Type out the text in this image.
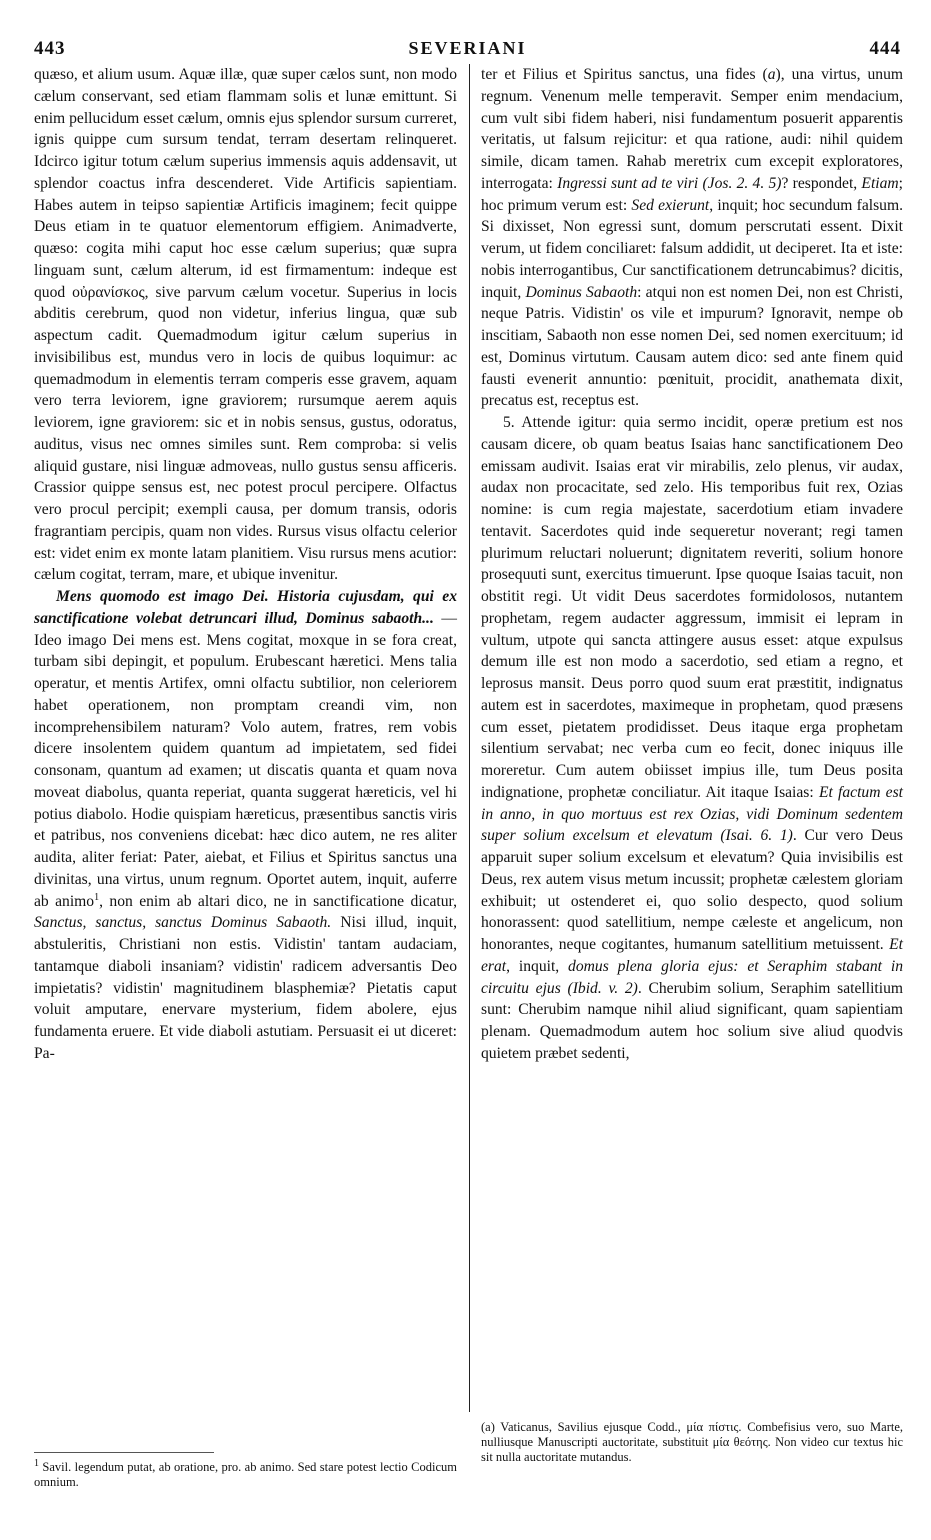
443	SEVERIANI	444

quæso, et alium usum. Aquæ illæ, quæ super cælos sunt, non modo cælum conservant, sed etiam flammam solis et lunæ emittunt. Si enim pellucidum esset cælum, omnis ejus splendor sursum curreret, ignis quippe cum sursum tendat, terram desertam relinqueret. Idcirco igitur totum cælum superius immensis aquis addensavit, ut splendor coactus infra descenderet. Vide Artificis sapientiam. Habes autem in teipso sapientiæ Artificis imaginem; fecit quippe Deus etiam in te quatuor elementorum effigiem. Animadverte, quæso: cogita mihi caput hoc esse cælum superius; quæ supra linguam sunt, cælum alterum, id est firmamentum: indeque est quod οὐρανίσκος, sive parvum cælum vocetur. Superius in locis abditis cerebrum, quod non videtur, inferius lingua, quæ sub aspectum cadit. Quemadmodum igitur cælum superius in invisibilibus est, mundus vero in locis de quibus loquimur: ac quemadmodum in elementis terram comperis esse gravem, aquam vero terra leviorem, igne graviorem; rursumque aerem aquis leviorem, igne graviorem: sic et in nobis sensus, gustus, odoratus, auditus, visus nec omnes similes sunt. Rem comproba: si velis aliquid gustare, nisi linguæ admoveas, nullo gustus sensu afficeris. Crassior quippe sensus est, nec potest procul percipere. Olfactus vero procul percipit; exempli causa, per domum transis, odoris fragrantiam percipis, quam non vides. Rursus visus olfactu celerior est: videt enim ex monte latam planitiem. Visu rursus mens acutior: cælum cogitat, terram, mare, et ubique invenitur.

Mens quomodo est imago Dei. Historia cujusdam, qui ex sanctificatione volebat detruncari illud, Dominus sabaoth... — Ideo imago Dei mens est. Mens cogitat, moxque in se fora creat, turbam sibi depingit, et populum. Erubescant hæretici. Mens talia operatur, et mentis Artifex, omni olfactu subtilior, non celeriorem habet operationem, non promptam creandi vim, non incomprehensibilem naturam? Volo autem, fratres, rem vobis dicere insolentem quidem quantum ad impietatem, sed fidei consonam, quantum ad examen; ut discatis quanta et quam nova moveat diabolus, quanta reperiat, quanta suggerat hæreticis, vel hi potius diabolo. Hodie quispiam hæreticus, præsentibus sanctis viris et patribus, nos conveniens dicebat: hæc dico autem, ne res aliter audita, aliter feriat: Pater, aiebat, et Filius et Spiritus sanctus una divinitas, una virtus, unum regnum. Oportet autem, inquit, auferre ab animo$^1$, non enim ab altari dico, ne in sanctificatione dicatur, Sanctus, sanctus, sanctus Dominus Sabaoth. Nisi illud, inquit, abstuleritis, Christiani non estis. Vidistin' tantam audaciam, tantamque diaboli insaniam? vidistin' radicem adversantis Deo impietatis? vidistin' magnitudinem blasphemiæ? Pietatis caput voluit amputare, enervare mysterium, fidem abolere, ejus fundamenta eruere. Et vide diaboli astutiam. Persuasit ei ut diceret: Pa-

ter et Filius et Spiritus sanctus, una fides (a), una virtus, unum regnum. Venenum melle temperavit. Semper enim mendacium, cum vult sibi fidem haberi, nisi fundamentum posuerit apparentis veritatis, ut falsum rejicitur: et qua ratione, audi: nihil quidem simile, dicam tamen. Rahab meretrix cum excepit exploratores, interrogata: Ingressi sunt ad te viri (Jos. 2. 4. 5)? respondet, Etiam; hoc primum verum est: Sed exierunt, inquit; hoc secundum falsum. Si dixisset, Non egressi sunt, domum perscrutati essent. Dixit verum, ut fidem conciliaret: falsum addidit, ut deciperet. Ita et iste: nobis interrogantibus, Cur sanctificationem detruncabimus? dicitis, inquit, Dominus Sabaoth: atqui non est nomen Dei, non est Christi, neque Patris. Vidistin' os vile et impurum? Ignoravit, nempe ob inscitiam, Sabaoth non esse nomen Dei, sed nomen exercituum; id est, Dominus virtutum. Causam autem dico: sed ante finem quid fausti evenerit annuntio: pœnituit, procidit, anathemata dixit, precatus est, receptus est.

5. Attende igitur: quia sermo incidit, operæ pretium est nos causam dicere, ob quam beatus Isaias hanc sanctificationem Deo emissam audivit. Isaias erat vir mirabilis, zelo plenus, vir audax, audax non procacitate, sed zelo. His temporibus fuit rex, Ozias nomine: is cum regia majestate, sacerdotium etiam invadere tentavit. Sacerdotes quid inde sequeretur noverant; regi tamen plurimum reluctari noluerunt; dignitatem reveriti, solium honore prosequuti sunt, exercitus timuerunt. Ipse quoque Isaias tacuit, non obstitit regi. Ut vidit Deus sacerdotes formidolosos, nutantem prophetam, regem audacter aggressum, immisit ei lepram in vultum, utpote qui sancta attingere ausus esset: atque expulsus demum ille est non modo a sacerdotio, sed etiam a regno, et leprosus mansit. Deus porro quod suum erat præstitit, indignatus autem est in sacerdotes, maximeque in prophetam, quod præsens cum esset, pietatem prodidisset. Deus itaque erga prophetam silentium servabat; nec verba cum eo fecit, donec iniquus ille moreretur. Cum autem obiisset impius ille, tum Deus posita indignatione, prophetæ conciliatur. Ait itaque Isaias: Et factum est in anno, in quo mortuus est rex Ozias, vidi Dominum sedentem super solium excelsum et elevatum (Isai. 6. 1). Cur vero Deus apparuit super solium excelsum et elevatum? Quia invisibilis est Deus, rex autem visus metum incussit; prophetæ cælestem gloriam exhibuit; ut ostenderet ei, quo solio despecto, quod solium honorassent: quod satellitium, nempe cæleste et angelicum, non honorantes, neque cogitantes, humanum satellitium metuissent. Et erat, inquit, domus plena gloria ejus: et Seraphim stabant in circuitu ejus (Ibid. v. 2). Cherubim solium, Seraphim satellitium sunt: Cherubim namque nihil aliud significant, quam sapientiam plenam. Quemadmodum autem hoc solium sive aliud quodvis quietem præbet sedenti,

$^1$ Savil. legendum putat, ab oratione, pro. ab animo. Sed stare potest lectio Codicum omnium.
(a) Vaticanus, Savilius ejusque Codd., μία πίστις. Combefisius vero, suo Marte, nulliusque Manuscripti auctoritate, substituit μία θεότης. Non video cur textus hic sit nulla auctoritate mutandus.
